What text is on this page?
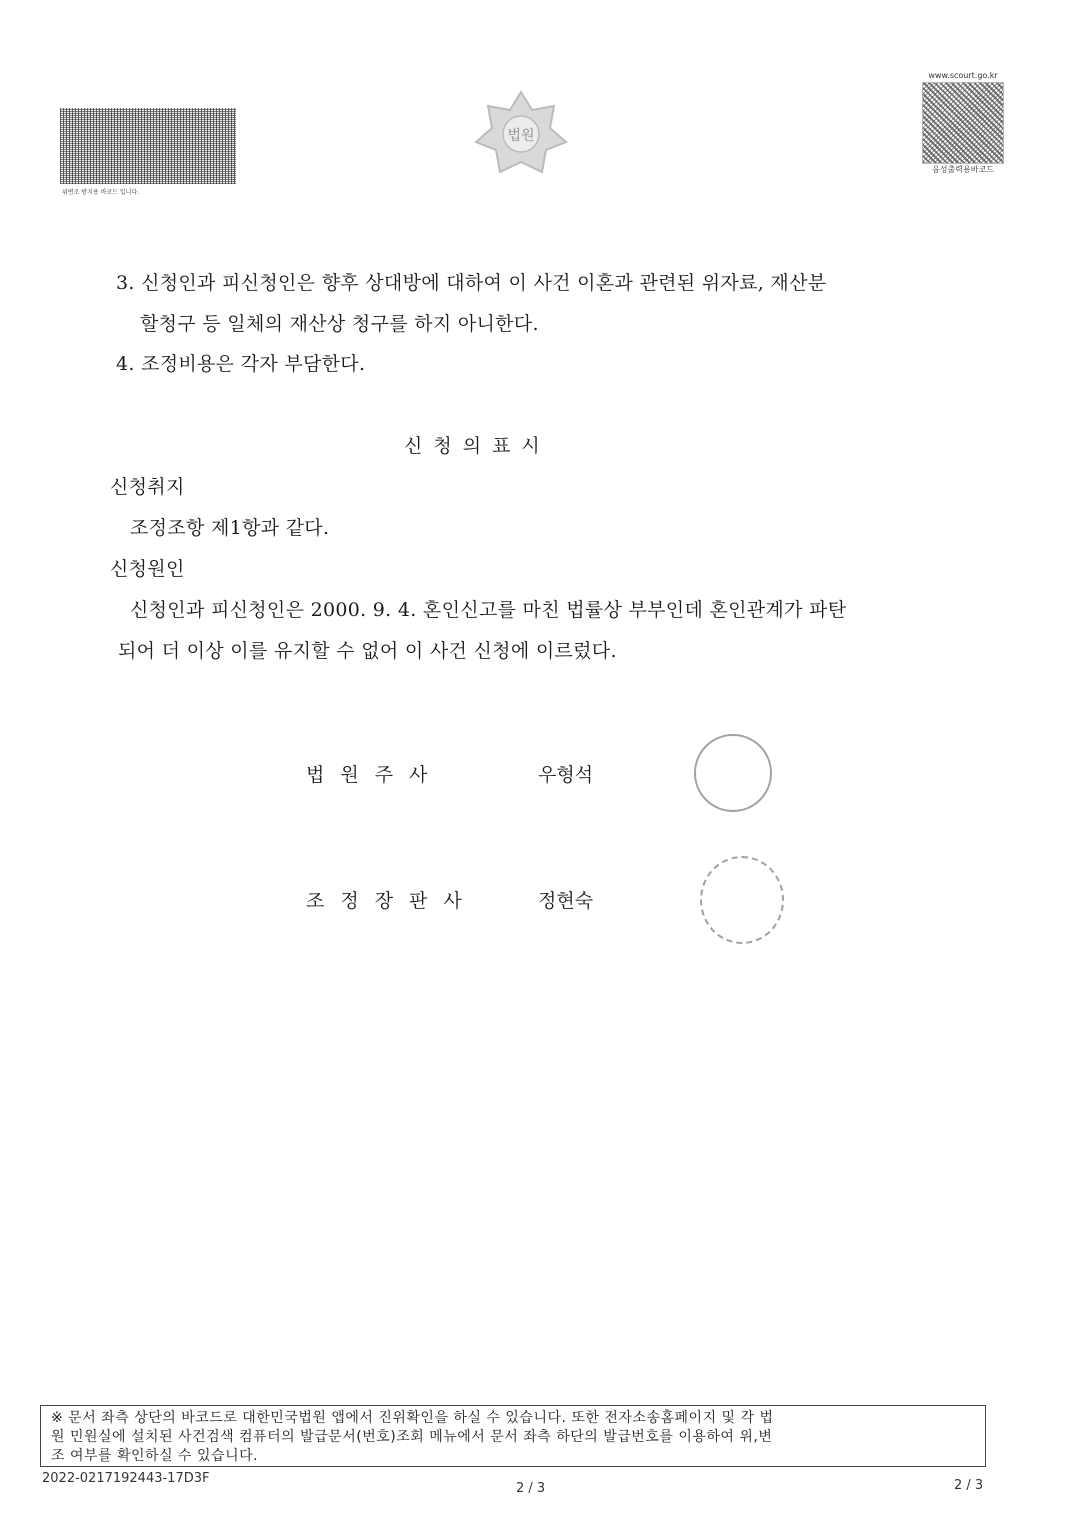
위변조 방지용 바코드 입니다.
법원
www.scourt.go.kr
음성출력용바코드
3. 신청인과 피신청인은 향후 상대방에 대하여 이 사건 이혼과 관련된 위자료, 재산분
할청구 등 일체의 재산상 청구를 하지 아니한다.
4. 조정비용은 각자 부담한다.
신청의표시
신청취지
조정조항 제1항과 같다.
신청원인
신청인과 피신청인은 2000. 9. 4. 혼인신고를 마친 법률상 부부인데 혼인관계가 파탄
되어 더 이상 이를 유지할 수 없어 이 사건 신청에 이르렀다.
법원주사	우형석
조정장판사	정현숙
※ 문서 좌측 상단의 바코드로 대한민국법원 앱에서 진위확인을 하실 수 있습니다. 또한 전자소송홈페이지 및 각 법
원 민원실에 설치된 사건검색 컴퓨터의 발급문서(번호)조회 메뉴에서 문서 좌측 하단의 발급번호를 이용하여 위,변
조 여부를 확인하실 수 있습니다.
2022-0217192443-17D3F
2 / 3	2 / 3
